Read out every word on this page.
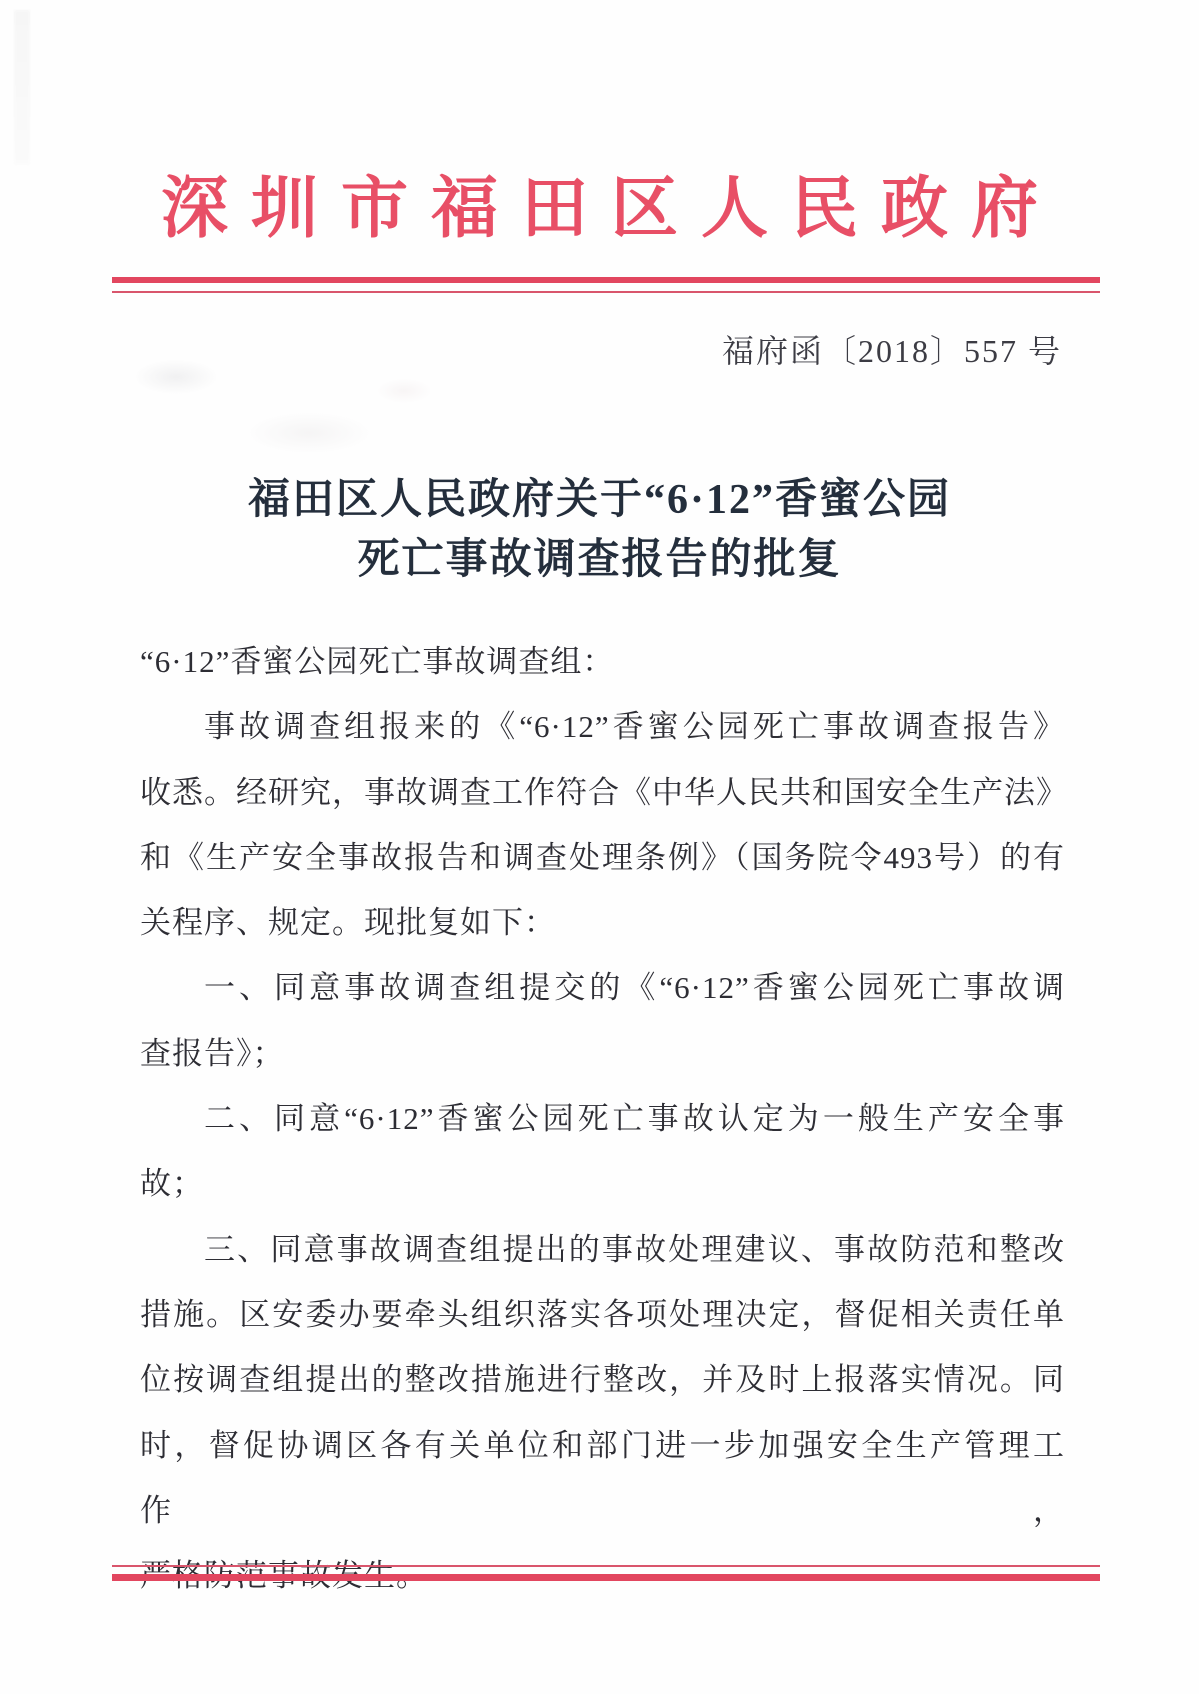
深圳市福田区人民政府
福府函〔2018〕557 号
福田区人民政府关于“6·12”香蜜公园
死亡事故调查报告的批复
“6·12”香蜜公园死亡事故调查组：
事故调查组报来的《“6·12”香蜜公园死亡事故调查报告》
收悉。经研究，事故调查工作符合《中华人民共和国安全生产法》
和《生产安全事故报告和调查处理条例》（国务院令493号）的有
关程序、规定。现批复如下：
一、同意事故调查组提交的《“6·12”香蜜公园死亡事故调
查报告》；
二、同意“6·12”香蜜公园死亡事故认定为一般生产安全事
故；
三、同意事故调查组提出的事故处理建议、事故防范和整改
措施。区安委办要牵头组织落实各项处理决定，督促相关责任单
位按调查组提出的整改措施进行整改，并及时上报落实情况。同
时，督促协调区各有关单位和部门进一步加强安全生产管理工作，
